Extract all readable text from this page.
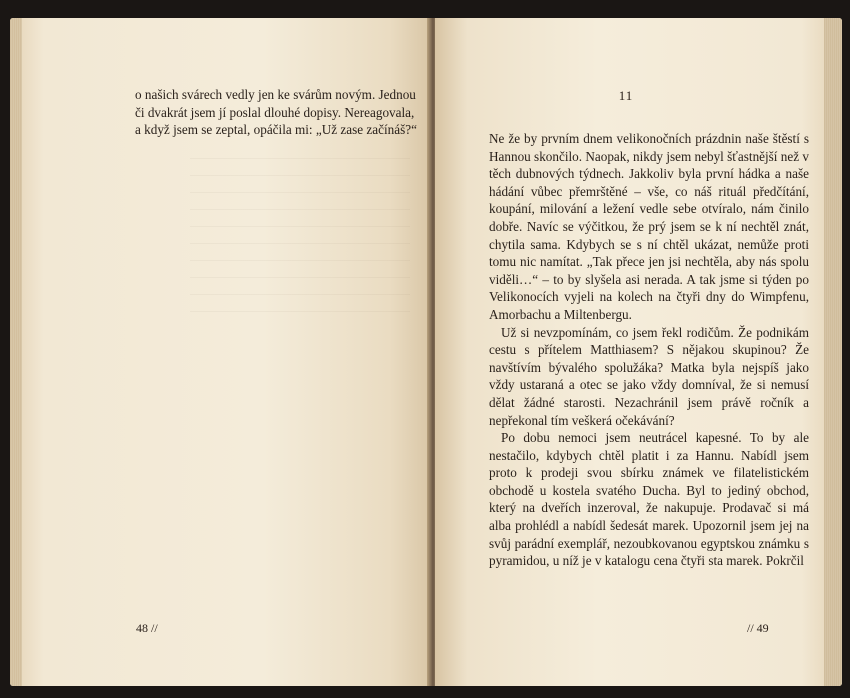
o našich svárech vedly jen ke svárům novým. Jednou

či dvakrát jsem jí poslal dlouhé dopisy. Nereagovala,

a když jsem se zeptal, opáčila mi: „Už zase začínáš?“

48 //
11

Ne že by prvním dnem velikonočních prázdnin naše štěstí s Hannou skončilo. Naopak, nikdy jsem nebyl šťastnější než v těch dubnových týdnech. Jakkoliv byla první hádka a naše hádání vůbec přemrštěné – vše, co náš rituál předčítání, koupání, milování a ležení vedle sebe otvíralo, nám činilo dobře. Navíc se výčitkou, že prý jsem se k ní nechtěl znát, chytila sama. Kdybych se s ní chtěl ukázat, nemůže proti tomu nic namítat. „Tak přece jen jsi nechtěla, aby nás spolu viděli…“ – to by slyšela asi nerada. A tak jsme si týden po Velikonocích vyjeli na kolech na čtyři dny do Wimpfenu, Amorbachu a Miltenbergu.

Už si nevzpomínám, co jsem řekl rodičům. Že podnikám cestu s přítelem Matthiasem? S nějakou skupinou? Že navštívím bývalého spolužáka? Matka byla nejspíš jako vždy ustaraná a otec se jako vždy domníval, že si nemusí dělat žádné starosti. Nezachránil jsem právě ročník a nepřekonal tím veškerá očekávání?

Po dobu nemoci jsem neutrácel kapesné. To by ale nestačilo, kdybych chtěl platit i za Hannu. Nabídl jsem proto k prodeji svou sbírku známek ve filatelistickém obchodě u kostela svatého Ducha. Byl to jediný obchod, který na dveřích inzeroval, že nakupuje. Prodavač si má alba prohlédl a nabídl šedesát marek. Upozornil jsem jej na svůj parádní exemplář, nezoubkovanou egyptskou známku s pyramidou, u níž je v katalogu cena čtyři sta marek. Pokrčil

// 49
